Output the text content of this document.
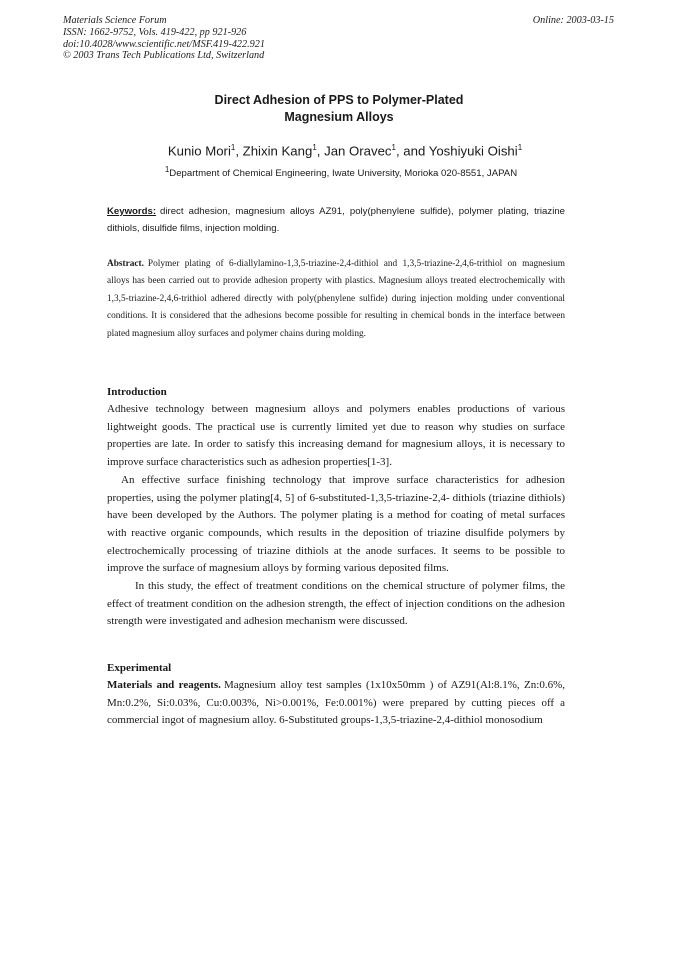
Materials Science Forum
ISSN: 1662-9752, Vols. 419-422, pp 921-926
doi:10.4028/www.scientific.net/MSF.419-422.921
© 2003 Trans Tech Publications Ltd, Switzerland
Online: 2003-03-15
Direct Adhesion of PPS to Polymer-Plated
Magnesium Alloys
Kunio Mori$^1$, Zhixin Kang$^1$, Jan Oravec$^1$, and Yoshiyuki Oishi$^1$
$^1$Department of Chemical Engineering, Iwate University, Morioka 020-8551, JAPAN
Keywords: direct adhesion, magnesium alloys AZ91, poly(phenylene sulfide), polymer plating, triazine dithiols, disulfide films, injection molding.
Abstract. Polymer plating of 6-diallylamino-1,3,5-triazine-2,4-dithiol and 1,3,5-triazine-2,4,6-trithiol on magnesium alloys has been carried out to provide adhesion property with plastics. Magnesium alloys treated electrochemically with 1,3,5-triazine-2,4,6-trithiol adhered directly with poly(phenylene sulfide) during injection molding under conventional conditions. It is considered that the adhesions become possible for resulting in chemical bonds in the interface between plated magnesium alloy surfaces and polymer chains during molding.
Introduction

Adhesive technology between magnesium alloys and polymers enables productions of various lightweight goods. The practical use is currently limited yet due to reason why studies on surface properties are late. In order to satisfy this increasing demand for magnesium alloys, it is necessary to improve surface characteristics such as adhesion properties[1-3].

An effective surface finishing technology that improve surface characteristics for adhesion properties, using the polymer plating[4, 5] of 6-substituted-1,3,5-triazine-2,4- dithiols (triazine dithiols) have been developed by the Authors. The polymer plating is a method for coating of metal surfaces with reactive organic compounds, which results in the deposition of triazine disulfide polymers by electrochemically processing of triazine dithiols at the anode surfaces. It seems to be possible to improve the surface of magnesium alloys by forming various deposited films.

In this study, the effect of treatment conditions on the chemical structure of polymer films, the effect of treatment condition on the adhesion strength, the effect of injection conditions on the adhesion strength were investigated and adhesion mechanism were discussed.

Experimental

Materials and reagents. Magnesium alloy test samples (1x10x50mm ) of AZ91(Al:8.1%, Zn:0.6%, Mn:0.2%, Si:0.03%, Cu:0.003%, Ni>0.001%, Fe:0.001%) were prepared by cutting pieces off a commercial ingot of magnesium alloy. 6-Substituted groups-1,3,5-triazine-2,4-dithiol monosodium
